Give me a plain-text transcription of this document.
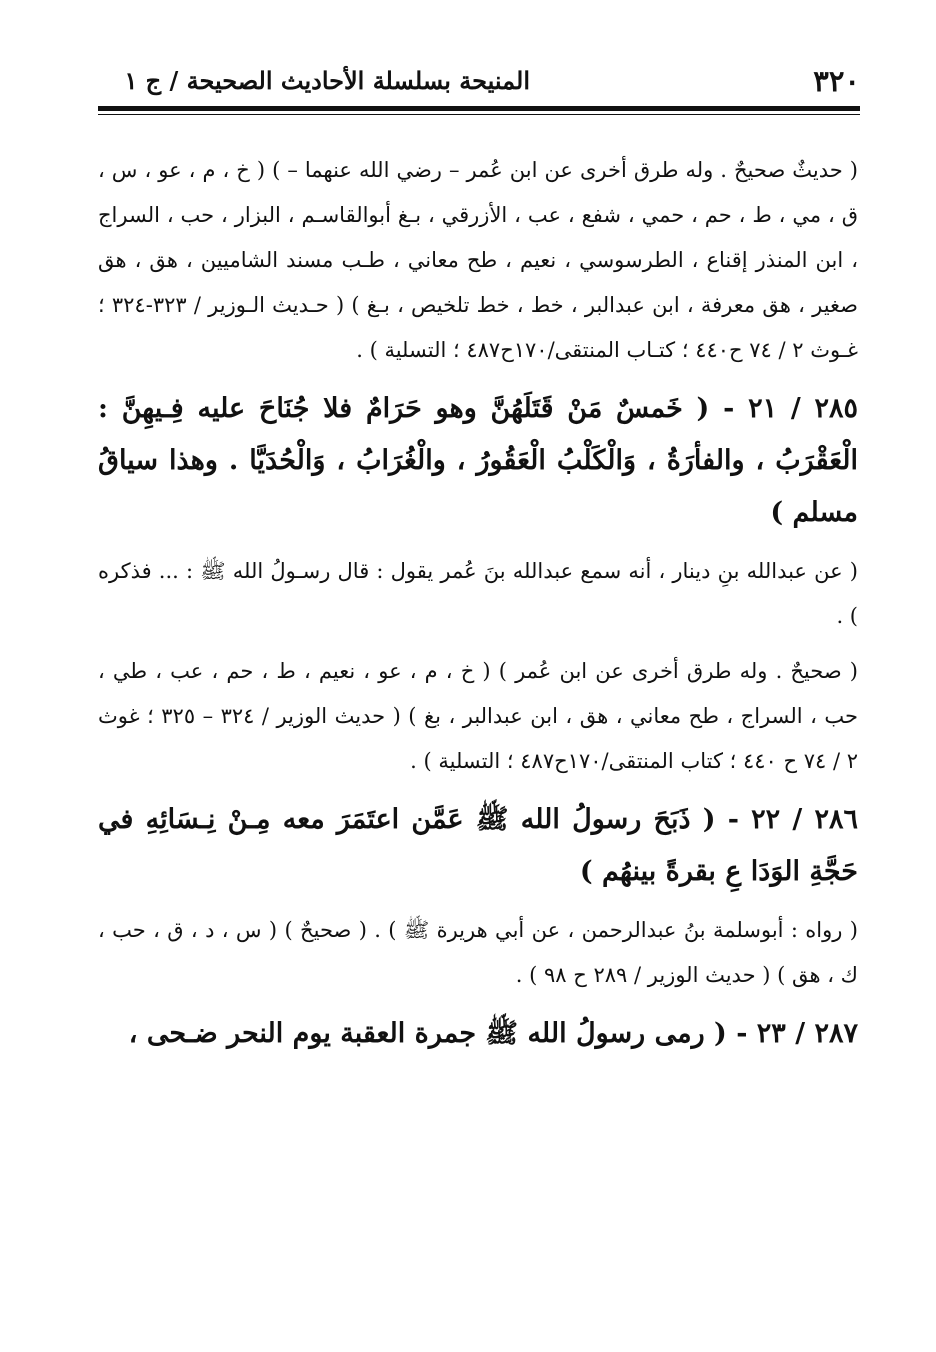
٣٢٠
المنيحة بسلسلة الأحاديث الصحيحة / ج ١

( حديثٌ صحيحٌ . وله طرق أخرى عن ابن عُمر – رضي الله عنهما – ) ( خ ، م ، عو ، س ، ق ، مي ، ط ، حم ، حمي ، شفع ، عب ، الأزرقي ، بـغ أبوالقاسـم ، البزار ، حب ، السراج ، ابن المنذر إقناع ، الطرسوسي ، نعيم ، طح معاني ، طـب مسند الشاميين ، هق ، هق صغير ، هق معرفة ، ابن عبدالبر ، خط ، خط تلخيص ، بـغ ) ( حـديث الـوزير / ٣٢٣-٣٢٤ ؛ غـوث ٢ / ٧٤ ح٤٤٠ ؛ كتـاب المنتقى/١٧٠ح٤٨٧ ؛ التسلية ) .

٢٨٥ / ٢١ - ( خَمسٌ مَنْ قَتَلَهُنَّ وهو حَرَامٌ فلا جُنَاحَ عليه فِـيهِنَّ : الْعَقْرَبُ ، والفأرَةُ ، وَالْكَلْبُ الْعَقُورُ ، والْغُرَابُ ، وَالْحُدَيَّا . وهذا سياقُ مسلم )

( عن عبدالله بنِ دينار ، أنه سمع عبدالله بنَ عُمر يقول : قال رسـولُ الله ﷺ : ... فذكره ) .

( صحيحٌ . وله طرق أخرى عن ابن عُمر ) ( خ ، م ، عو ، نعيم ، ط ، حم ، عب ، طي ، حب ، السراج ، طح معاني ، هق ، ابن عبدالبر ، بغ ) ( حديث الوزير / ٣٢٤ – ٣٢٥ ؛ غوث ٢ / ٧٤ ح ٤٤٠ ؛ كتاب المنتقى/١٧٠ح٤٨٧ ؛ التسلية ) .

٢٨٦ / ٢٢ - ( ذَبَحَ رسولُ الله ﷺ عَمَّن اعتَمَرَ معه مِـنْ نِـسَائِهِ في حَجَّةِ الوَدَا عِ بقرةً بينهُم )

( رواه : أبوسلمة بنُ عبدالرحمن ، عن أبي هريرة ﷺ ) . ( صحيحٌ ) ( س ، د ، ق ، حب ، ك ، هق ) ( حديث الوزير / ٢٨٩ ح ٩٨ ) .

٢٨٧ / ٢٣ - ( رمى رسولُ الله ﷺ جمرة العقبة يوم النحر ضـحى ،
